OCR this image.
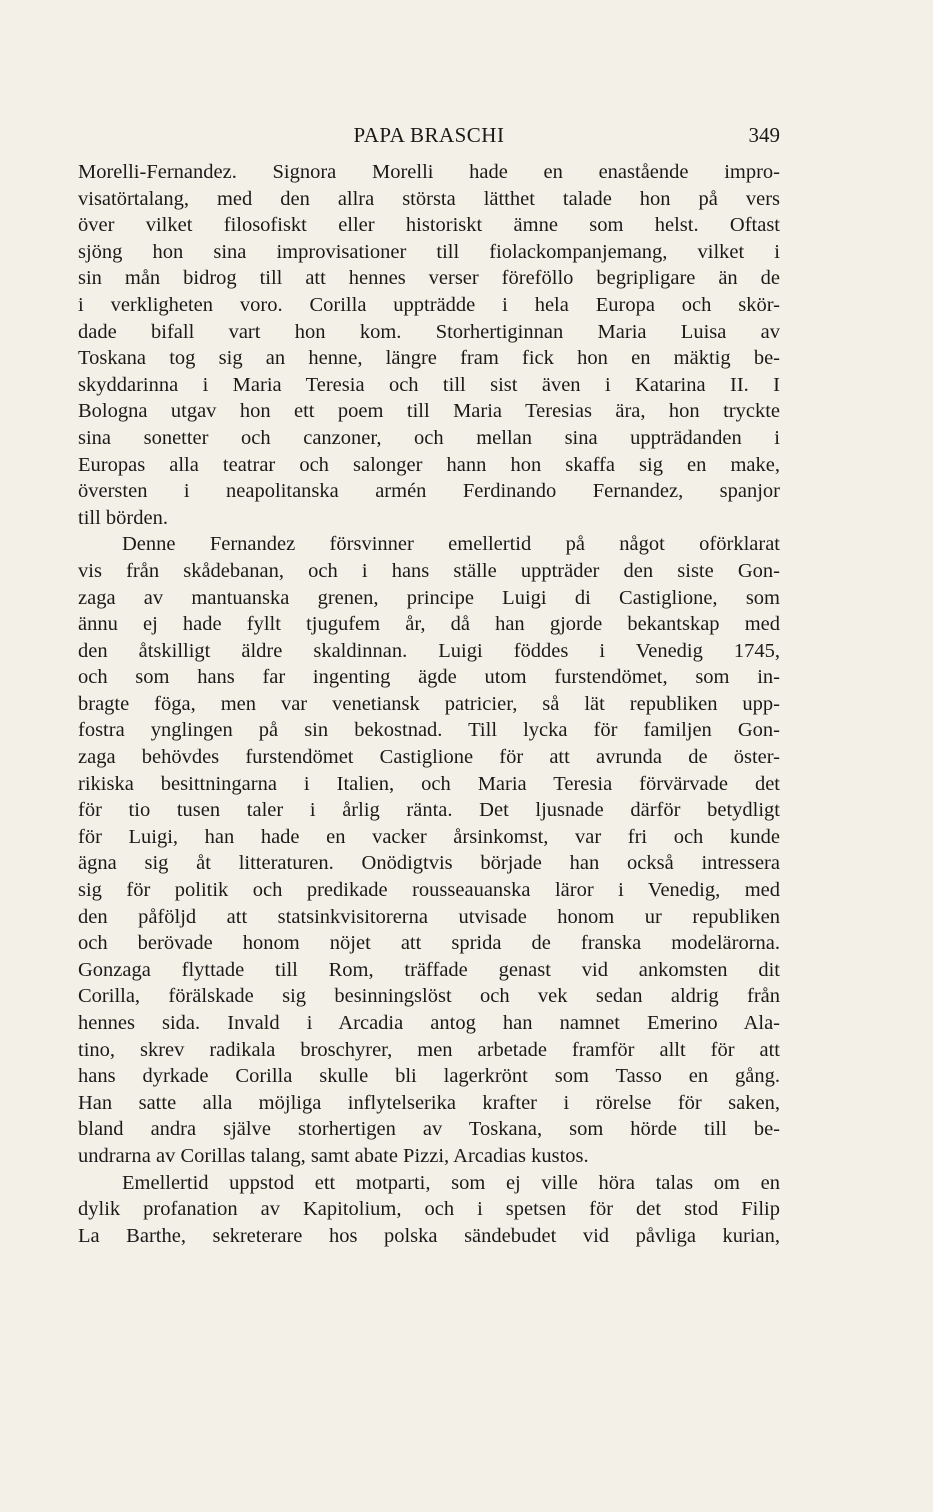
PAPA BRASCHI	349
Morelli-Fernandez. Signora Morelli hade en enastående impro-
visatörtalang, med den allra största lätthet talade hon på vers
över vilket filosofiskt eller historiskt ämne som helst. Oftast
sjöng hon sina improvisationer till fiolackompanjemang, vilket i
sin mån bidrog till att hennes verser föreföllo begripligare än de
i verkligheten voro. Corilla uppträdde i hela Europa och skör-
dade bifall vart hon kom. Storhertiginnan Maria Luisa av
Toskana tog sig an henne, längre fram fick hon en mäktig be-
skyddarinna i Maria Teresia och till sist även i Katarina II. I
Bologna utgav hon ett poem till Maria Teresias ära, hon tryckte
sina sonetter och canzoner, och mellan sina uppträdanden i
Europas alla teatrar och salonger hann hon skaffa sig en make,
översten i neapolitanska armén Ferdinando Fernandez, spanjor
till börden.
Denne Fernandez försvinner emellertid på något oförklarat
vis från skådebanan, och i hans ställe uppträder den siste Gon-
zaga av mantuanska grenen, principe Luigi di Castiglione, som
ännu ej hade fyllt tjugufem år, då han gjorde bekantskap med
den åtskilligt äldre skaldinnan. Luigi föddes i Venedig 1745,
och som hans far ingenting ägde utom furstendömet, som in-
bragte föga, men var venetiansk patricier, så lät republiken upp-
fostra ynglingen på sin bekostnad. Till lycka för familjen Gon-
zaga behövdes furstendömet Castiglione för att avrunda de öster-
rikiska besittningarna i Italien, och Maria Teresia förvärvade det
för tio tusen taler i årlig ränta. Det ljusnade därför betydligt
för Luigi, han hade en vacker årsinkomst, var fri och kunde
ägna sig åt litteraturen. Onödigtvis började han också intressera
sig för politik och predikade rousseauanska läror i Venedig, med
den påföljd att statsinkvisitorerna utvisade honom ur republiken
och berövade honom nöjet att sprida de franska modelärorna.
Gonzaga flyttade till Rom, träffade genast vid ankomsten dit
Corilla, förälskade sig besinningslöst och vek sedan aldrig från
hennes sida. Invald i Arcadia antog han namnet Emerino Ala-
tino, skrev radikala broschyrer, men arbetade framför allt för att
hans dyrkade Corilla skulle bli lagerkrönt som Tasso en gång.
Han satte alla möjliga inflytelserika krafter i rörelse för saken,
bland andra själve storhertigen av Toskana, som hörde till be-
undrarna av Corillas talang, samt abate Pizzi, Arcadias kustos.
Emellertid uppstod ett motparti, som ej ville höra talas om en
dylik profanation av Kapitolium, och i spetsen för det stod Filip
La Barthe, sekreterare hos polska sändebudet vid påvliga kurian,
